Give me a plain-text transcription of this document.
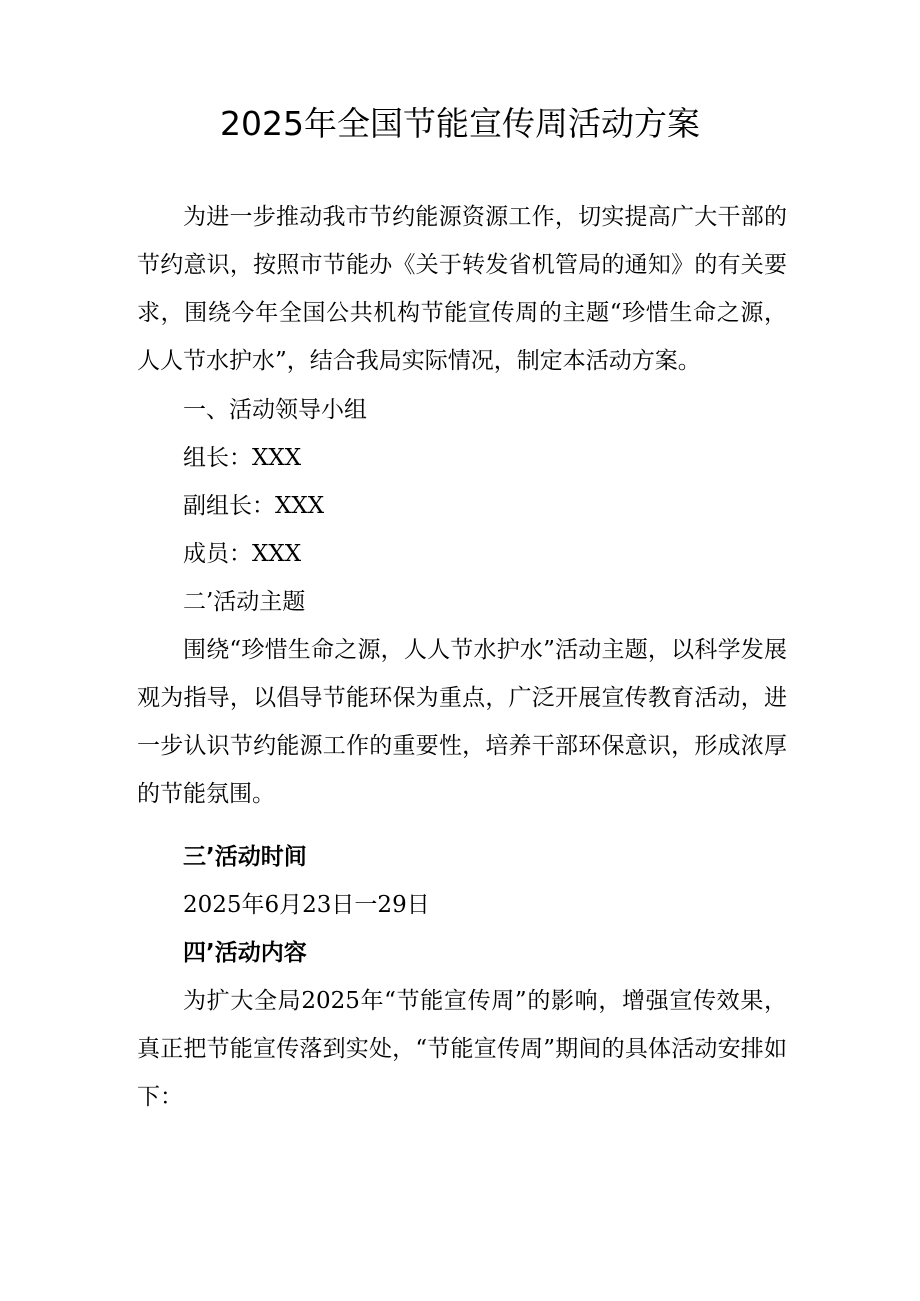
2025年全国节能宣传周活动方案

为进一步推动我市节约能源资源工作，切实提高广大干部的节约意识，按照市节能办《关于转发省机管局的通知》的有关要求，围绕今年全国公共机构节能宣传周的主题“珍惜生命之源，人人节水护水”，结合我局实际情况，制定本活动方案。

一、活动领导小组

组长：XXX

副组长：XXX

成员：XXX

二’活动主题

围绕“珍惜生命之源，人人节水护水”活动主题，以科学发展观为指导，以倡导节能环保为重点，广泛开展宣传教育活动，进一步认识节约能源工作的重要性，培养干部环保意识，形成浓厚的节能氛围。

三’活动时间

2025年6月23日一29日

四’活动内容

为扩大全局2025年“节能宣传周”的影响，增强宣传效果，真正把节能宣传落到实处，“节能宣传周”期间的具体活动安排如下：
